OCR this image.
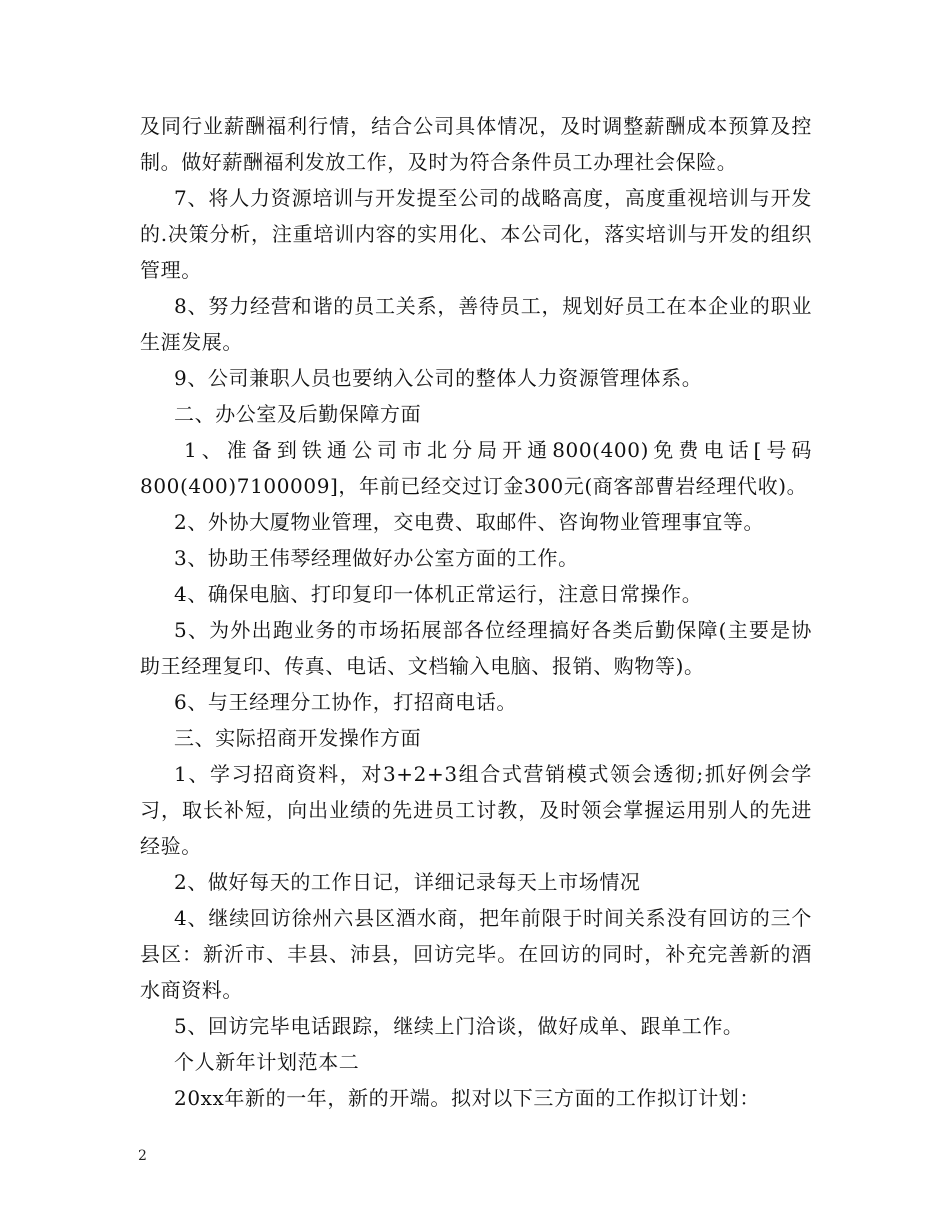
及同行业薪酬福利行情，结合公司具体情况，及时调整薪酬成本预算及控制。做好薪酬福利发放工作，及时为符合条件员工办理社会保险。

7、将人力资源培训与开发提至公司的战略高度，高度重视培训与开发的.决策分析，注重培训内容的实用化、本公司化，落实培训与开发的组织管理。

8、努力经营和谐的员工关系，善待员工，规划好员工在本企业的职业生涯发展。

9、公司兼职人员也要纳入公司的整体人力资源管理体系。

二、办公室及后勤保障方面

1、准备到铁通公司市北分局开通800(400)免费电话[号码800(400)7100009]，年前已经交过订金300元(商客部曹岩经理代收)。

2、外协大厦物业管理，交电费、取邮件、咨询物业管理事宜等。

3、协助王伟琴经理做好办公室方面的工作。

4、确保电脑、打印复印一体机正常运行，注意日常操作。

5、为外出跑业务的市场拓展部各位经理搞好各类后勤保障(主要是协助王经理复印、传真、电话、文档输入电脑、报销、购物等)。

6、与王经理分工协作，打招商电话。

三、实际招商开发操作方面

1、学习招商资料，对3+2+3组合式营销模式领会透彻;抓好例会学习，取长补短，向出业绩的先进员工讨教，及时领会掌握运用别人的先进经验。

2、做好每天的工作日记，详细记录每天上市场情况

4、继续回访徐州六县区酒水商，把年前限于时间关系没有回访的三个县区：新沂市、丰县、沛县，回访完毕。在回访的同时，补充完善新的酒水商资料。

5、回访完毕电话跟踪，继续上门洽谈，做好成单、跟单工作。

个人新年计划范本二

20xx年新的一年，新的开端。拟对以下三方面的工作拟订计划：

2
